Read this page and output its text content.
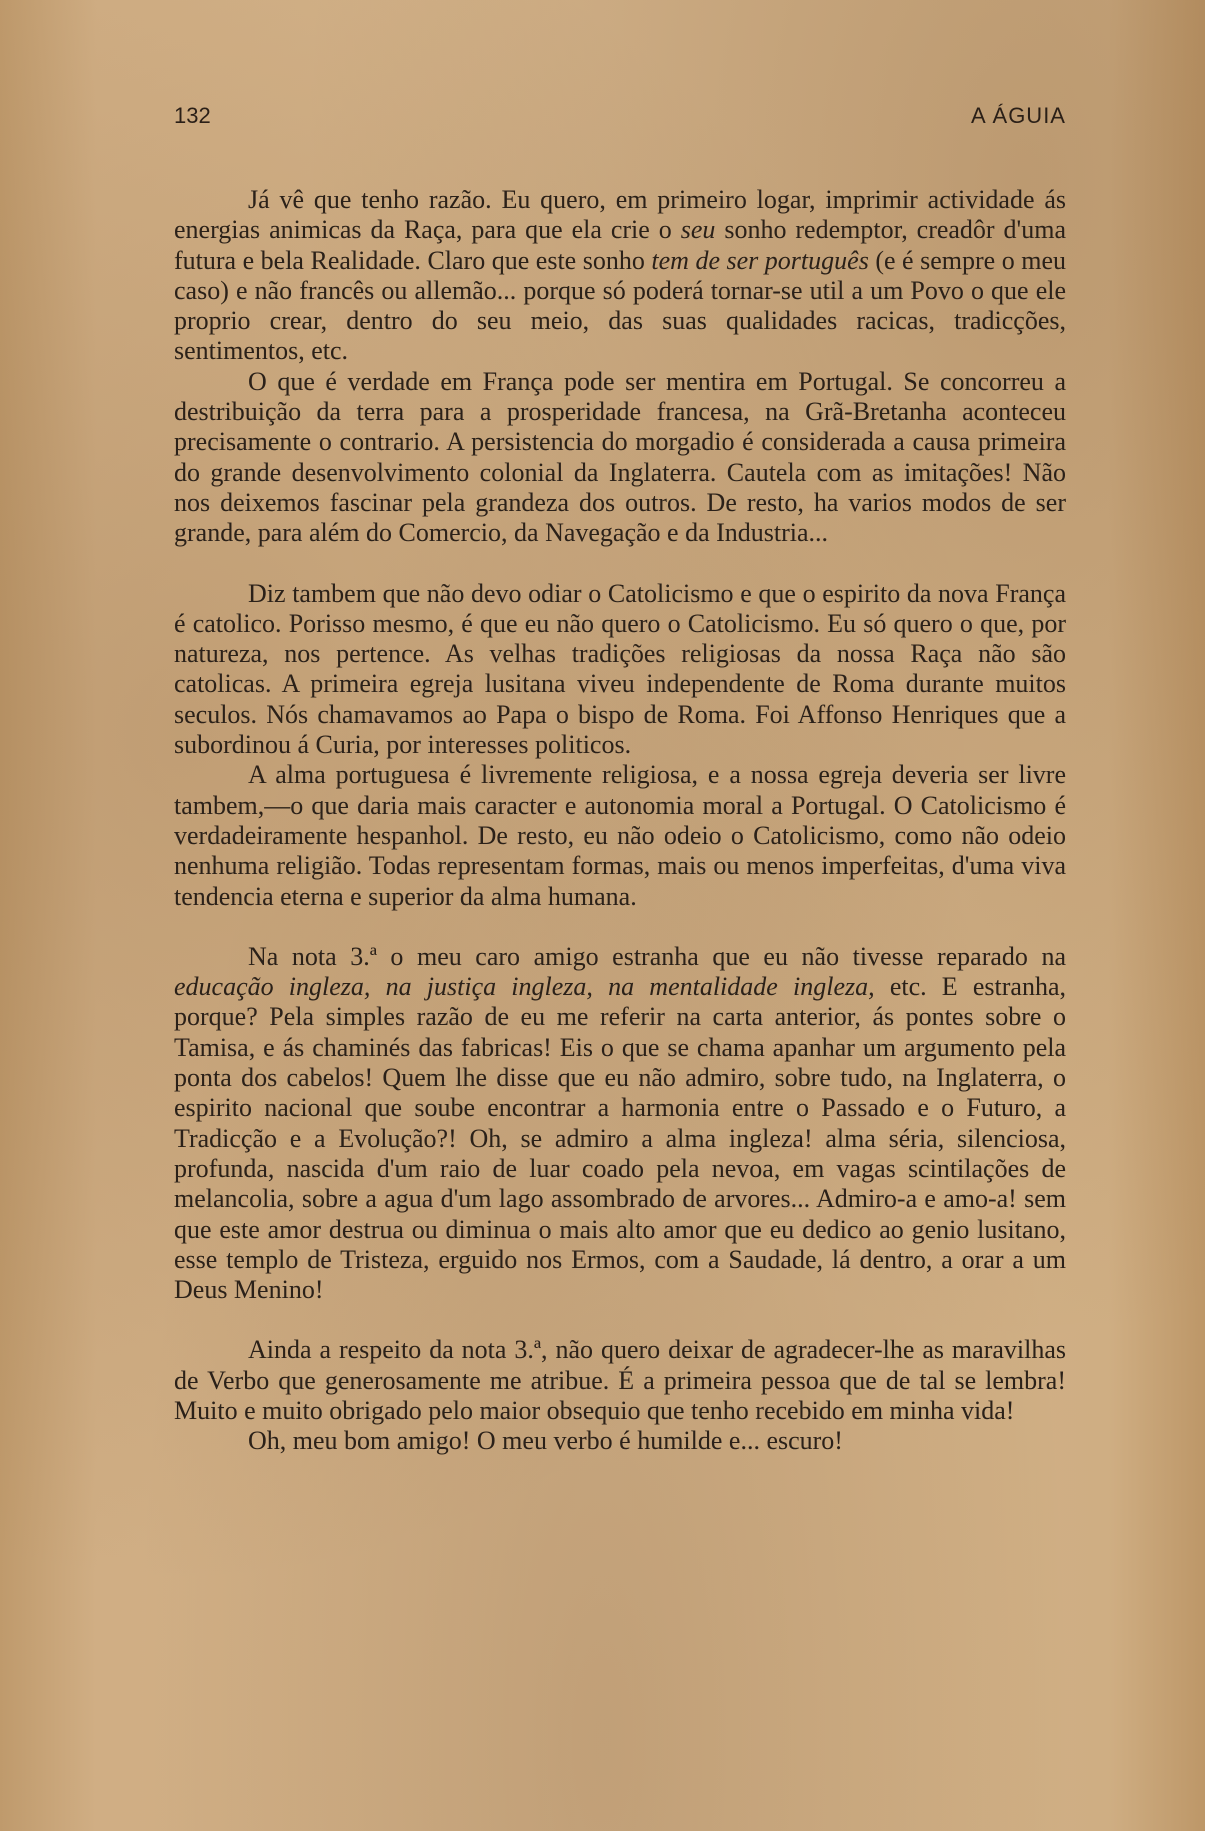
132	A ÁGUIA

Já vê que tenho razão. Eu quero, em primeiro logar, imprimir actividade ás energias animicas da Raça, para que ela crie o seu sonho redemptor, creadôr d'uma futura e bela Realidade. Claro que este sonho tem de ser português (e é sempre o meu caso) e não francês ou allemão... porque só poderá tornar-se util a um Povo o que ele proprio crear, dentro do seu meio, das suas qualidades racicas, tradicções, sentimentos, etc.

O que é verdade em França pode ser mentira em Portugal. Se concorreu a destribuição da terra para a prosperidade francesa, na Grã-Bretanha aconteceu precisamente o contrario. A persistencia do morgadio é considerada a causa primeira do grande desenvolvimento colonial da Inglaterra. Cautela com as imitações! Não nos deixemos fascinar pela grandeza dos outros. De resto, ha varios modos de ser grande, para além do Comercio, da Navegação e da Industria...

Diz tambem que não devo odiar o Catolicismo e que o espirito da nova França é catolico. Porisso mesmo, é que eu não quero o Catolicismo. Eu só quero o que, por natureza, nos pertence. As velhas tradições religiosas da nossa Raça não são catolicas. A primeira egreja lusitana viveu independente de Roma durante muitos seculos. Nós chamavamos ao Papa o bispo de Roma. Foi Affonso Henriques que a subordinou á Curia, por interesses politicos.

A alma portuguesa é livremente religiosa, e a nossa egreja deveria ser livre tambem,—o que daria mais caracter e autonomia moral a Portugal. O Catolicismo é verdadeiramente hespanhol. De resto, eu não odeio o Catolicismo, como não odeio nenhuma religião. Todas representam formas, mais ou menos imperfeitas, d'uma viva tendencia eterna e superior da alma humana.

Na nota 3.ª o meu caro amigo estranha que eu não tivesse reparado na educação ingleza, na justiça ingleza, na mentalidade ingleza, etc. E estranha, porque? Pela simples razão de eu me referir na carta anterior, ás pontes sobre o Tamisa, e ás chaminés das fabricas! Eis o que se chama apanhar um argumento pela ponta dos cabelos! Quem lhe disse que eu não admiro, sobre tudo, na Inglaterra, o espirito nacional que soube encontrar a harmonia entre o Passado e o Futuro, a Tradicção e a Evolução?! Oh, se admiro a alma ingleza! alma séria, silenciosa, profunda, nascida d'um raio de luar coado pela nevoa, em vagas scintilações de melancolia, sobre a agua d'um lago assombrado de arvores... Admiro-a e amo-a! sem que este amor destrua ou diminua o mais alto amor que eu dedico ao genio lusitano, esse templo de Tristeza, erguido nos Ermos, com a Saudade, lá dentro, a orar a um Deus Menino!

Ainda a respeito da nota 3.ª, não quero deixar de agradecer-lhe as maravilhas de Verbo que generosamente me atribue. É a primeira pessoa que de tal se lembra! Muito e muito obrigado pelo maior obsequio que tenho recebido em minha vida!

Oh, meu bom amigo! O meu verbo é humilde e... escuro!
